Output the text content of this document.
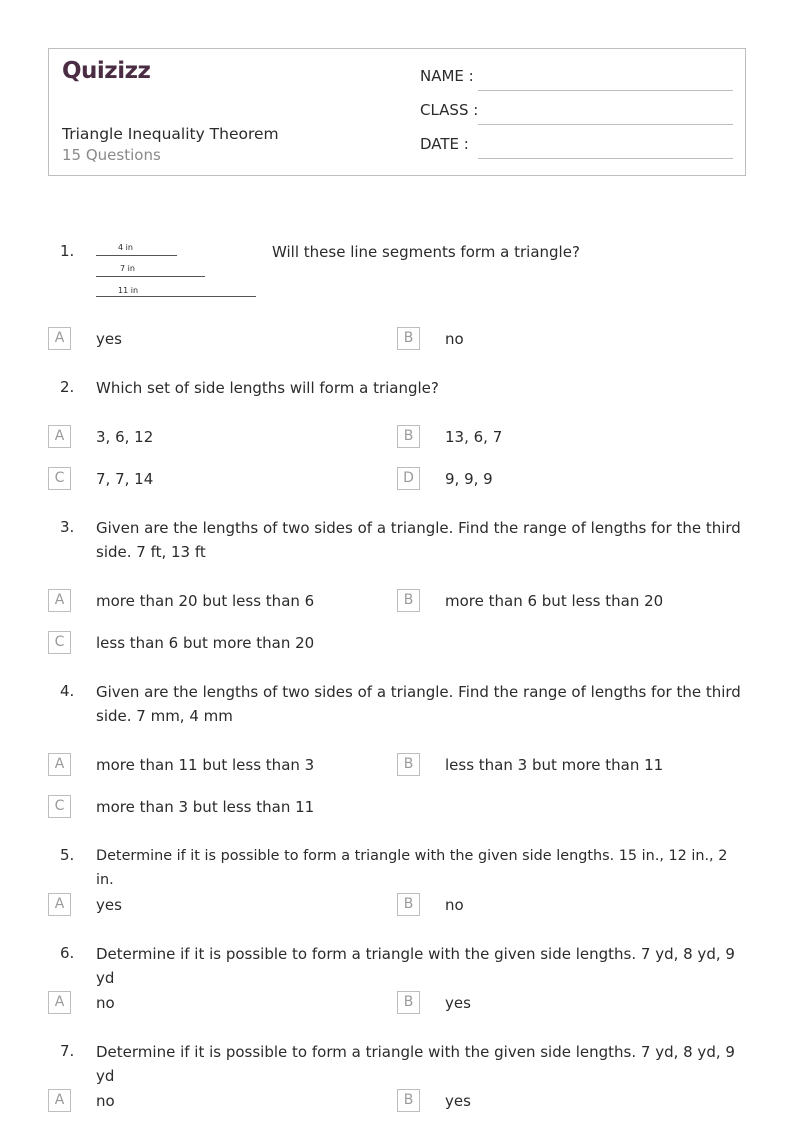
Quizizz
Triangle Inequality Theorem
15 Questions
NAME :
CLASS :
DATE :
1.	4 in
7 in
11 in
Will these line segments form a triangle?
A	yes	B	no
2. Which set of side lengths will form a triangle?
A	3, 6, 12	B	13, 6, 7
C	7, 7, 14	D	9, 9, 9
3. Given are the lengths of two sides of a triangle. Find the range of lengths for the third side. 7 ft, 13 ft
A	more than 20 but less than 6	B	more than 6 but less than 20
C	less than 6 but more than 20
4. Given are the lengths of two sides of a triangle. Find the range of lengths for the third side. 7 mm, 4 mm
A	more than 11 but less than 3	B	less than 3 but more than 11
C	more than 3 but less than 11
5. Determine if it is possible to form a triangle with the given side lengths. 15 in., 12 in., 2 in.
A	yes	B	no
6. Determine if it is possible to form a triangle with the given side lengths. 7 yd, 8 yd, 9 yd
A	no	B	yes
7. Determine if it is possible to form a triangle with the given side lengths. 7 yd, 8 yd, 9 yd
A	no	B	yes
